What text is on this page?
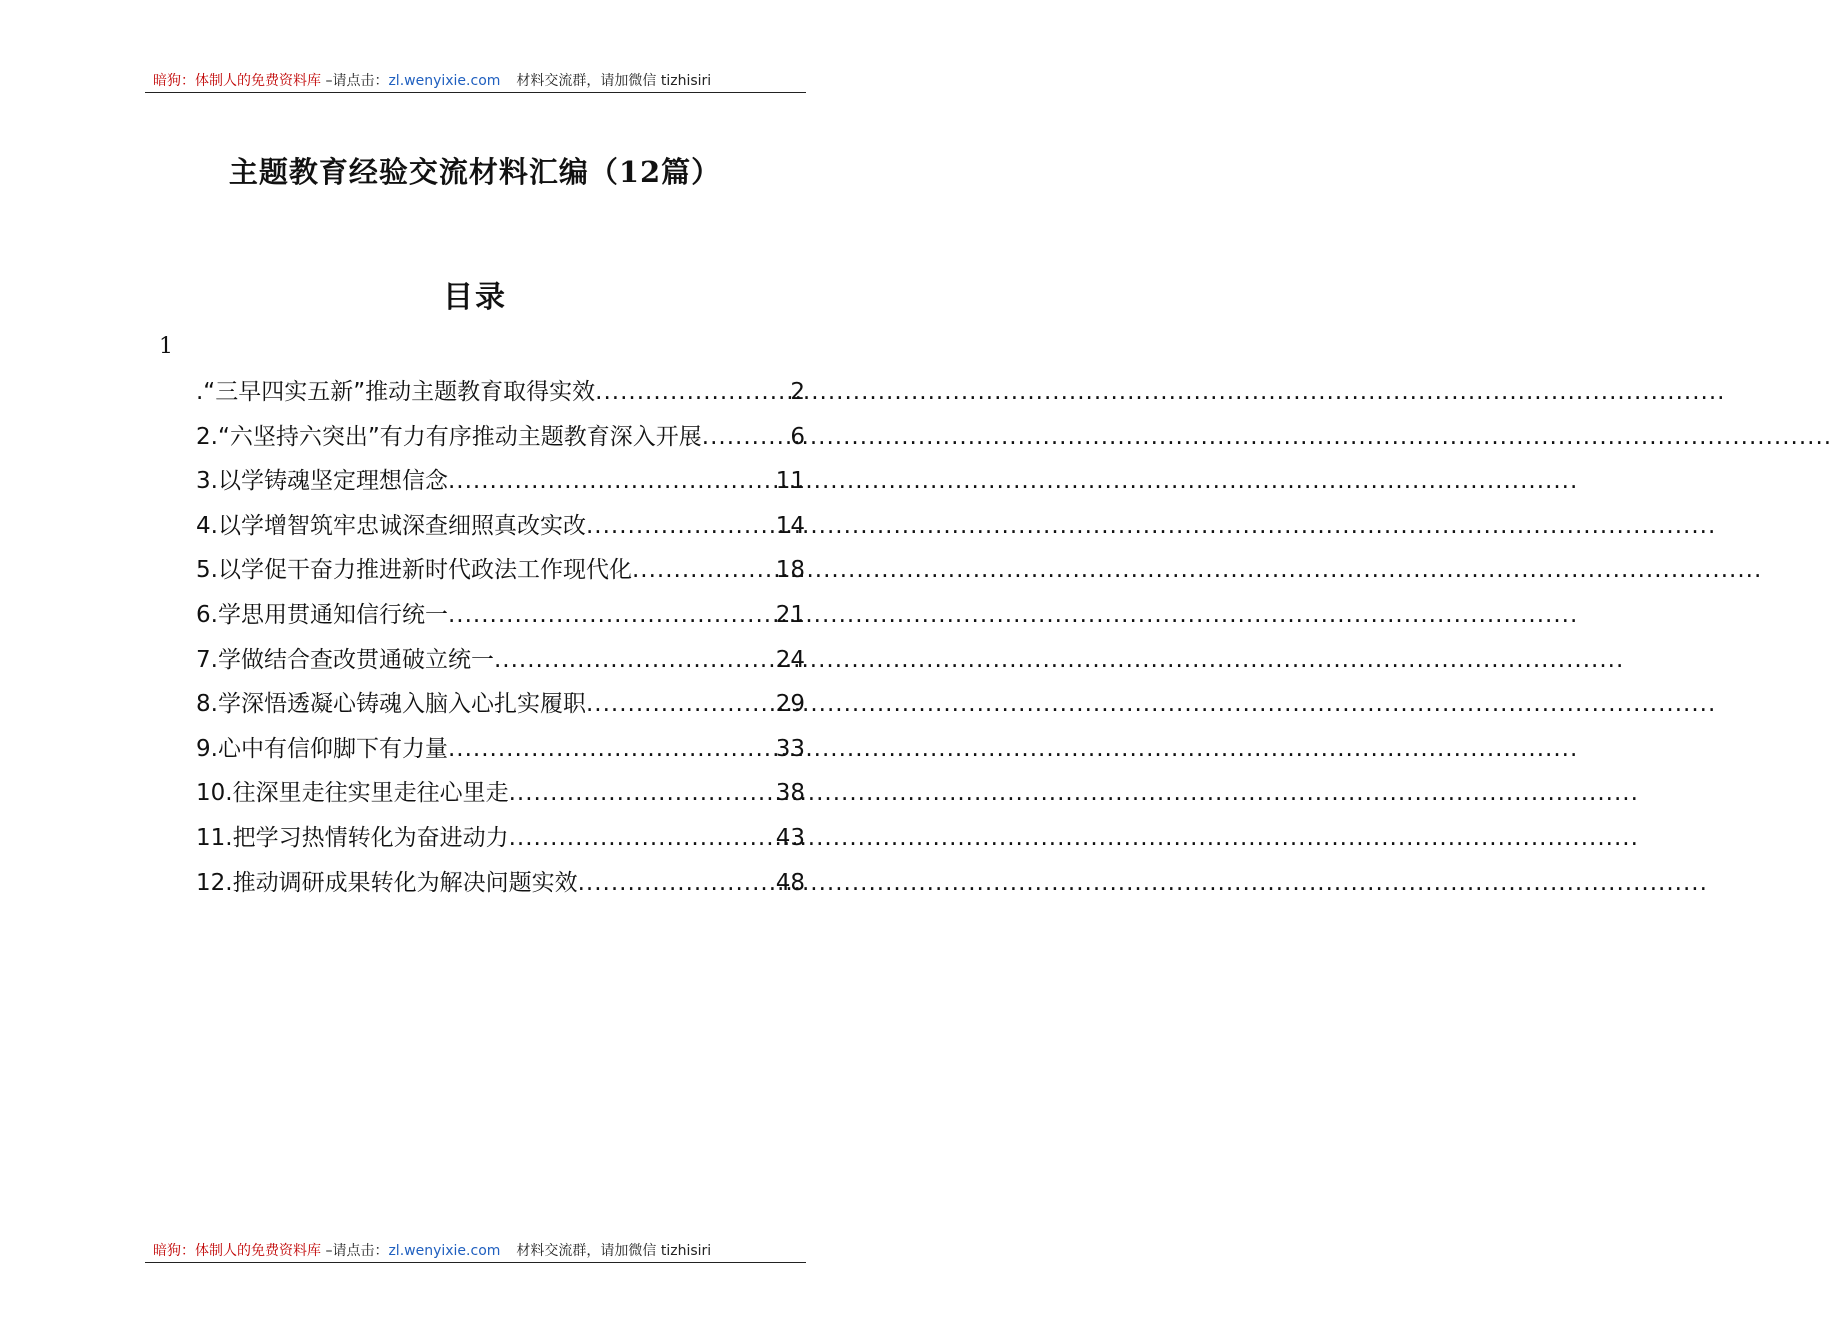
暗狗：体制人的免费资料库 –请点击：zl.wenyixie.com 材料交流群，请加微信 tizhisiri
主题教育经验交流材料汇编（12篇）
目录
1
.“三早四实五新”推动主题教育取得实效 .....	2
2.“六坚持六突出”有力有序推动主题教育深入开展 .....	6
3.以学铸魂坚定理想信念 .....	11
4.以学增智筑牢忠诚深查细照真改实改 .....	14
5.以学促干奋力推进新时代政法工作现代化 .....	18
6.学思用贯通知信行统一 .....	21
7.学做结合查改贯通破立统一 .....	24
8.学深悟透凝心铸魂入脑入心扎实履职 .....	29
9.心中有信仰脚下有力量 .....	33
10.往深里走往实里走往心里走 .....	38
11.把学习热情转化为奋进动力 .....	43
12.推动调研成果转化为解决问题实效 .....	48
暗狗：体制人的免费资料库 –请点击：zl.wenyixie.com 材料交流群，请加微信 tizhisiri
